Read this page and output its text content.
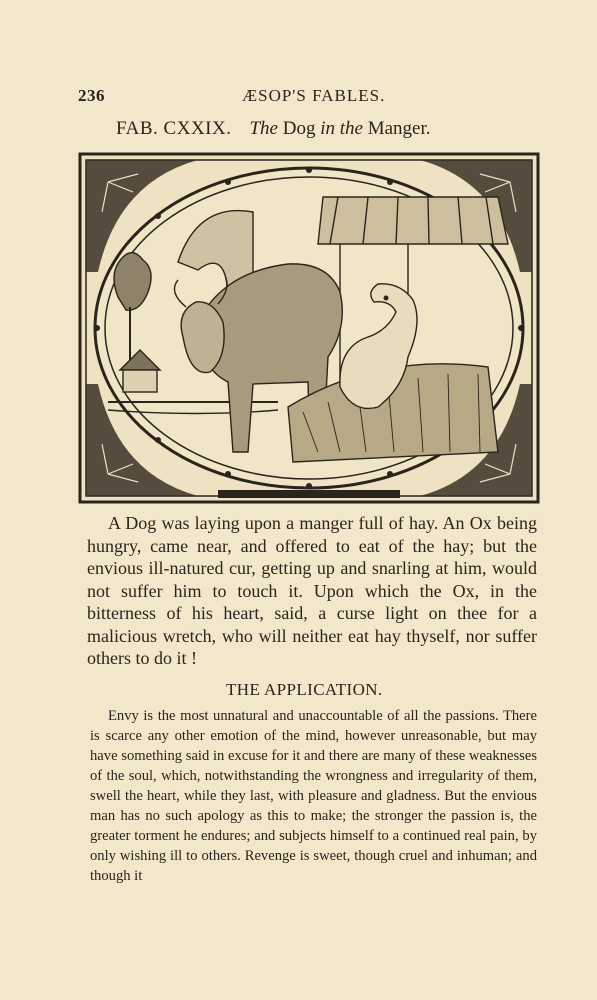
236	ÆSOP'S FABLES.
FAB. CXXIX. The Dog in the Manger.

A Dog was laying upon a manger full of hay. An Ox being hungry, came near, and offered to eat of the hay; but the envious ill-natured cur, getting up and snarling at him, would not suffer him to touch it. Upon which the Ox, in the bitterness of his heart, said, a curse light on thee for a malicious wretch, who will neither eat hay thyself, nor suffer others to do it !

THE APPLICATION.

Envy is the most unnatural and unaccountable of all the passions. There is scarce any other emotion of the mind, however unreasonable, but may have something said in excuse for it and there are many of these weaknesses of the soul, which, notwithstanding the wrongness and irregularity of them, swell the heart, while they last, with pleasure and gladness. But the envious man has no such apology as this to make; the stronger the passion is, the greater torment he endures; and subjects himself to a continued real pain, by only wishing ill to others. Revenge is sweet, though cruel and inhuman; and though it
